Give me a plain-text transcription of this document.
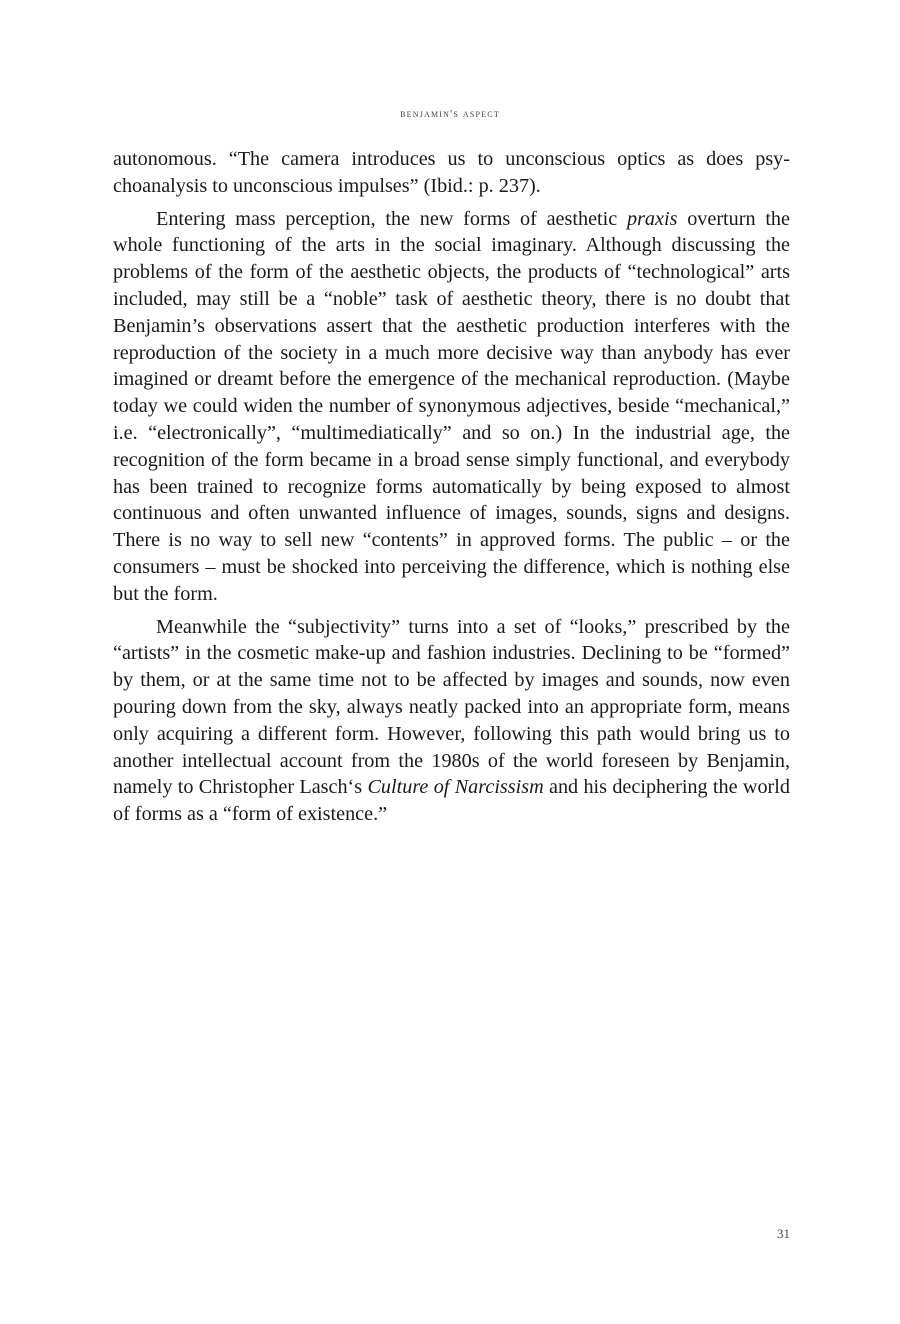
benjamin's aspect

autonomous. “The camera introduces us to unconscious optics as does psychoanalysis to unconscious impulses” (Ibid.: p. 237).

Entering mass perception, the new forms of aesthetic praxis overturn the whole functioning of the arts in the social imaginary. Although discussing the problems of the form of the aesthetic objects, the products of “technological” arts included, may still be a “noble” task of aesthetic theory, there is no doubt that Benjamin’s observations assert that the aesthetic production interferes with the reproduction of the society in a much more decisive way than anybody has ever imagined or dreamt before the emergence of the mechanical reproduction. (Maybe today we could widen the number of synonymous adjectives, beside “mechanical,” i.e. “electronically”, “multimediatically” and so on.) In the industrial age, the recognition of the form became in a broad sense simply functional, and everybody has been trained to recognize forms automatically by being exposed to almost continuous and often unwanted influence of images, sounds, signs and designs. There is no way to sell new “contents” in approved forms. The public – or the consumers – must be shocked into perceiving the difference, which is nothing else but the form.

Meanwhile the “subjectivity” turns into a set of “looks,” prescribed by the “artists” in the cosmetic make-up and fashion industries. Declining to be “formed” by them, or at the same time not to be affected by images and sounds, now even pouring down from the sky, always neatly packed into an appropriate form, means only acquiring a different form. However, following this path would bring us to another intellectual account from the 1980s of the world foreseen by Benjamin, namely to Christopher Lasch‘s Culture of Narcissism and his deciphering the world of forms as a “form of existence.”

31
